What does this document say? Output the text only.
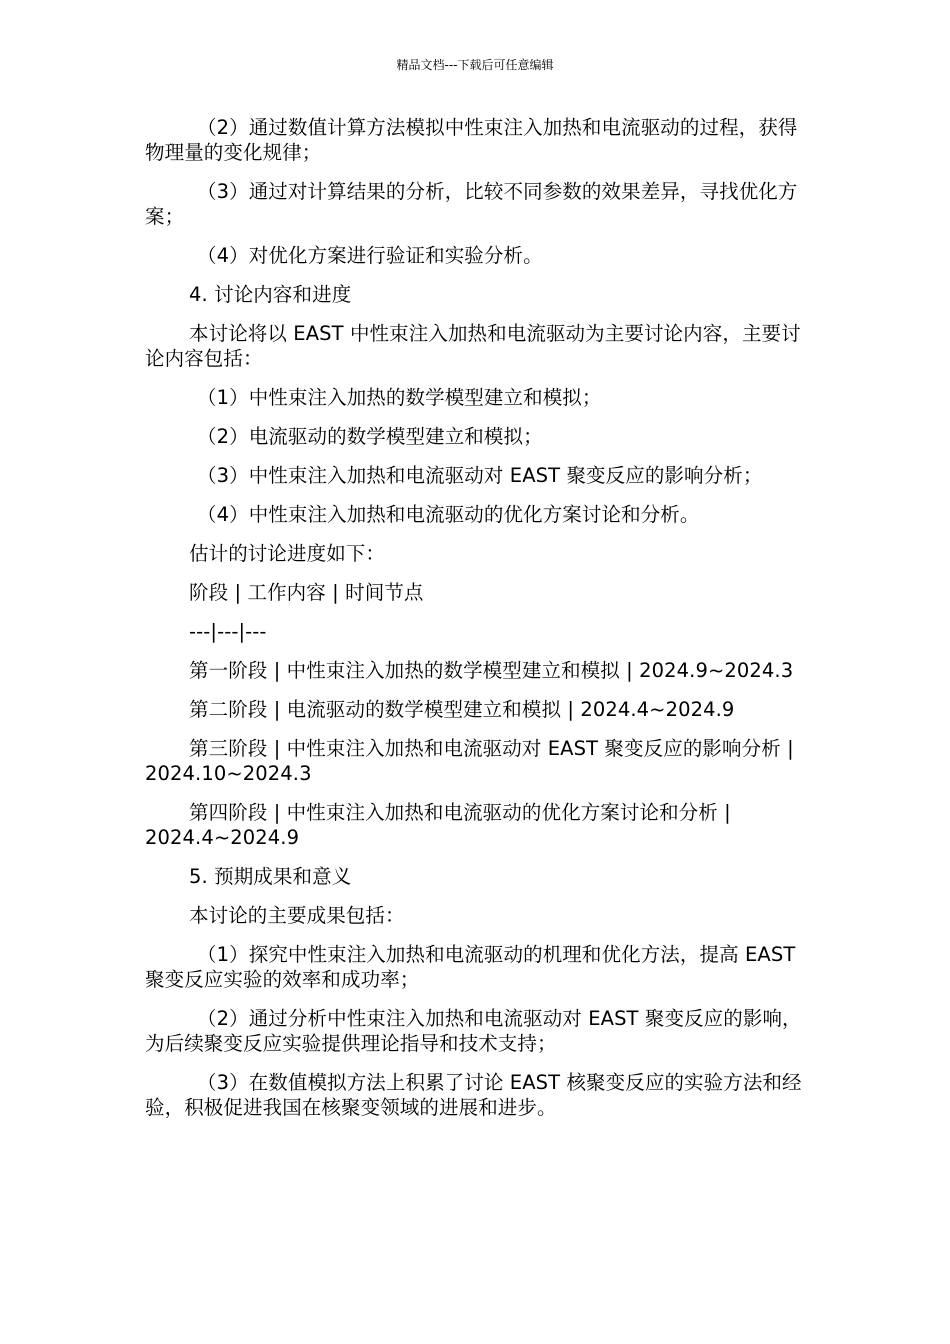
精品文档---下载后可任意编辑

（2）通过数值计算方法模拟中性束注入加热和电流驱动的过程，获得物理量的变化规律；

（3）通过对计算结果的分析，比较不同参数的效果差异，寻找优化方案；

（4）对优化方案进行验证和实验分析。

4. 讨论内容和进度

本讨论将以 EAST 中性束注入加热和电流驱动为主要讨论内容，主要讨论内容包括：

（1）中性束注入加热的数学模型建立和模拟；

（2）电流驱动的数学模型建立和模拟；

（3）中性束注入加热和电流驱动对 EAST 聚变反应的影响分析；

（4）中性束注入加热和电流驱动的优化方案讨论和分析。

估计的讨论进度如下：

阶段 | 工作内容 | 时间节点

---|---|---

第一阶段 | 中性束注入加热的数学模型建立和模拟 | 2024.9~2024.3

第二阶段 | 电流驱动的数学模型建立和模拟 | 2024.4~2024.9

第三阶段 | 中性束注入加热和电流驱动对 EAST 聚变反应的影响分析 | 2024.10~2024.3

第四阶段 | 中性束注入加热和电流驱动的优化方案讨论和分析 | 2024.4~2024.9

5. 预期成果和意义

本讨论的主要成果包括：

（1）探究中性束注入加热和电流驱动的机理和优化方法，提高 EAST 聚变反应实验的效率和成功率；

（2）通过分析中性束注入加热和电流驱动对 EAST 聚变反应的影响，为后续聚变反应实验提供理论指导和技术支持；

（3）在数值模拟方法上积累了讨论 EAST 核聚变反应的实验方法和经验，积极促进我国在核聚变领域的进展和进步。
